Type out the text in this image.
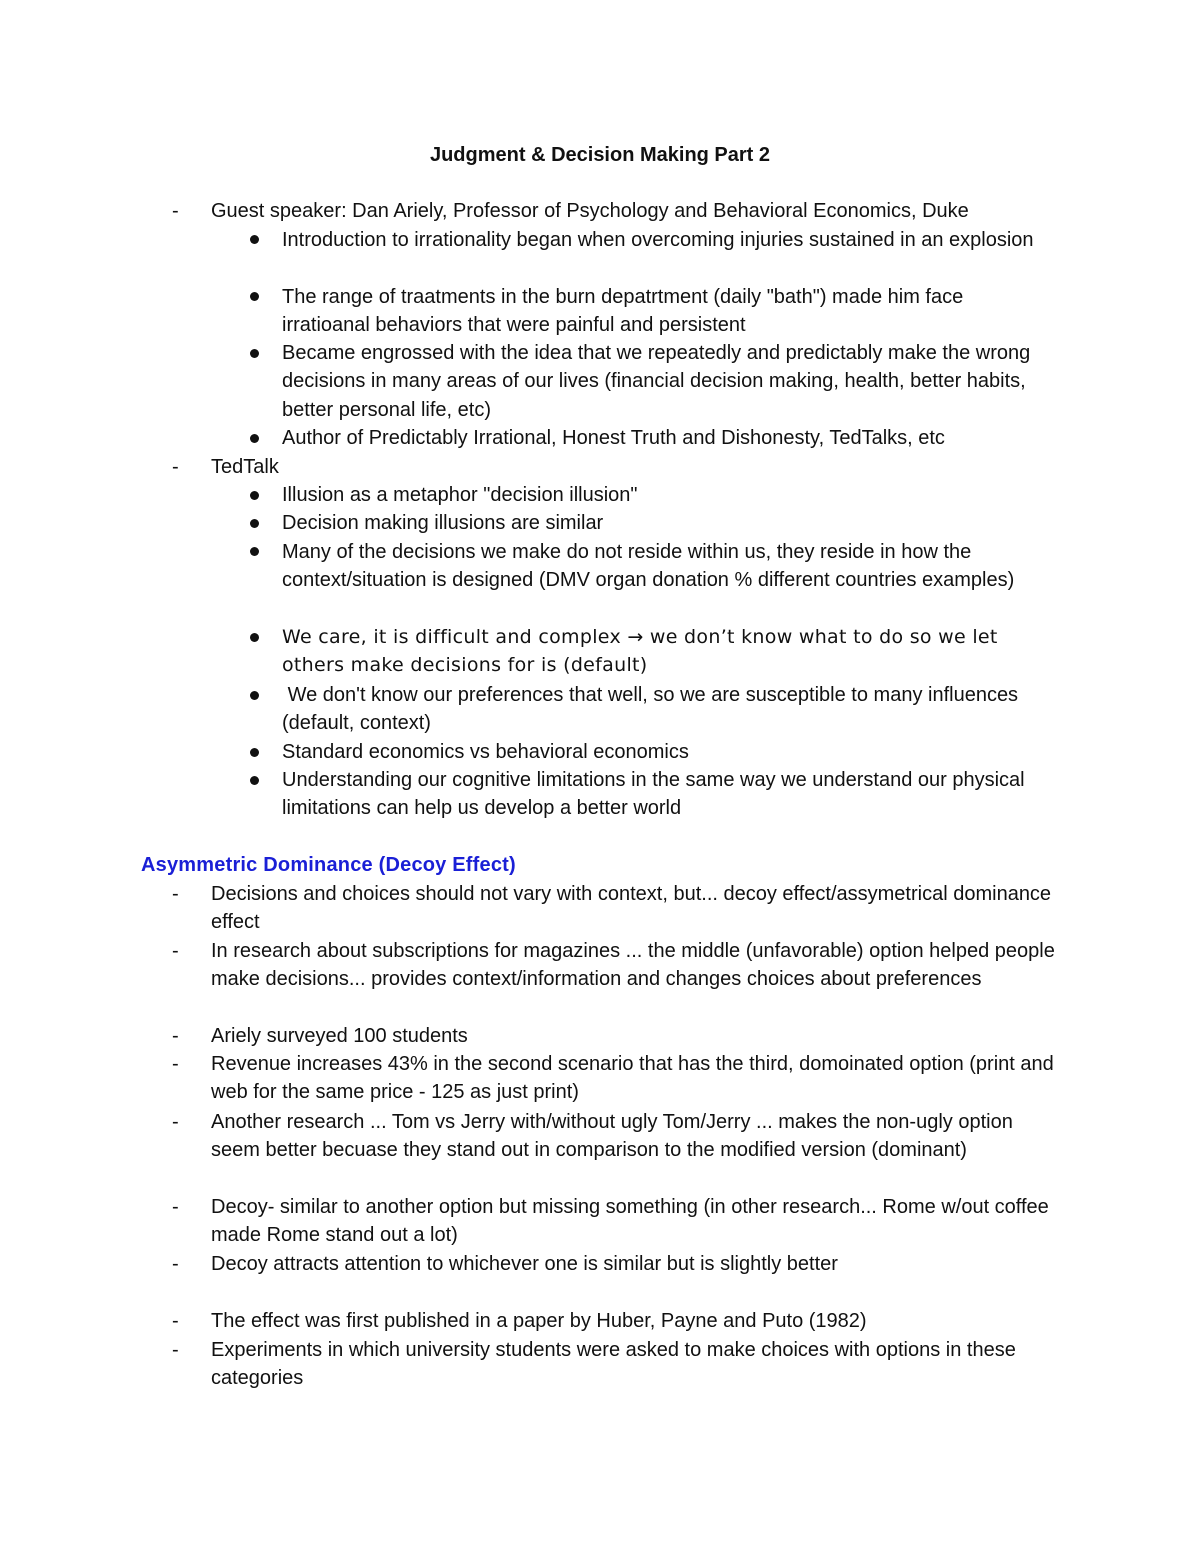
Judgment & Decision Making Part 2
- Guest speaker: Dan Ariely, Professor of Psychology and Behavioral Economics, Duke
Introduction to irrationality began when overcoming injuries sustained in an explosion
The range of traatments in the burn depatrtment (daily "bath") made him face irratioanal behaviors that were painful and persistent
Became engrossed with the idea that we repeatedly and predictably make the wrong decisions in many areas of our lives (financial decision making, health, better habits, better personal life, etc)
Author of Predictably Irrational, Honest Truth and Dishonesty, TedTalks, etc
- TedTalk
Illusion as a metaphor "decision illusion"
Decision making illusions are similar
Many of the decisions we make do not reside within us, they reside in how the context/situation is designed (DMV organ donation % different countries examples)
We care, it is difficult and complex → we don’t know what to do so we let others make decisions for is (default)
We don't know our preferences that well, so we are susceptible to many influences (default, context)
Standard economics vs behavioral economics
Understanding our cognitive limitations in the same way we understand our physical limitations can help us develop a better world
Asymmetric Dominance (Decoy Effect)
- Decisions and choices should not vary with context, but... decoy effect/assymetrical dominance effect
- In research about subscriptions for magazines ... the middle (unfavorable) option helped people make decisions... provides context/information and changes choices about preferences
- Ariely surveyed 100 students
- Revenue increases 43% in the second scenario that has the third, domoinated option (print and web for the same price - 125 as just print)
- Another research ... Tom vs Jerry with/without ugly Tom/Jerry ... makes the non-ugly option seem better becuase they stand out in comparison to the modified version (dominant)
- Decoy- similar to another option but missing something (in other research... Rome w/out coffee made Rome stand out a lot)
- Decoy attracts attention to whichever one is similar but is slightly better
- The effect was first published in a paper by Huber, Payne and Puto (1982)
- Experiments in which university students were asked to make choices with options in these categories
